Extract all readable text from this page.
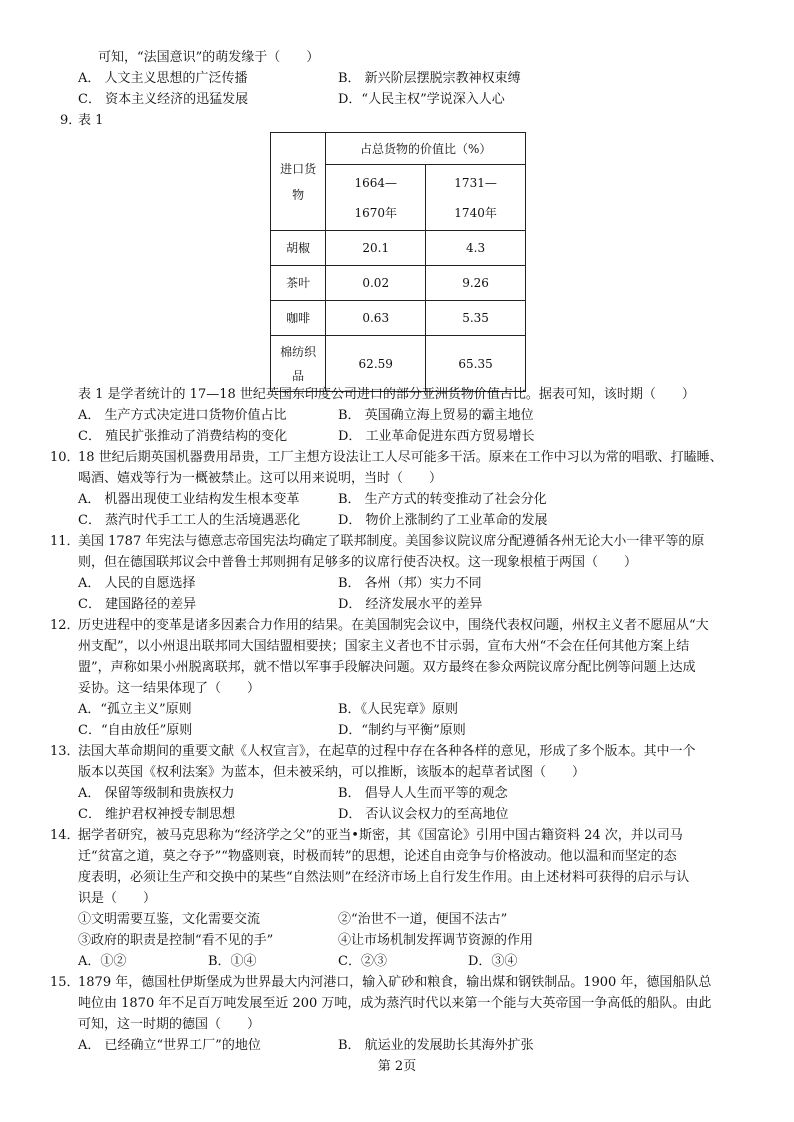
可知，“法国意识”的萌发缘于（　　）
A． 人文主义思想的广泛传播	B． 新兴阶层摆脱宗教神权束缚
C． 资本主义经济的迅猛发展	D．“人民主权”学说深入人心
9．
表 1
进口货物	占总货物的价值比（%）	
	1664—1670年	1731—1740年
胡椒	20.1	4.3
茶叶	0.02	9.26
咖啡	0.63	5.35
棉纺织品	62.59	65.35
表 1 是学者统计的 17—18 世纪英国东印度公司进口的部分亚洲货物价值占比。据表可知，该时期（　　）
A． 生产方式决定进口货物价值占比	B． 英国确立海上贸易的霸主地位
C． 殖民扩张推动了消费结构的变化	D． 工业革命促进东西方贸易增长
10．
18 世纪后期英国机器费用昂贵，工厂主想方设法让工人尽可能多干活。原来在工作中习以为常的唱歌、打瞌睡、
喝酒、嬉戏等行为一概被禁止。这可以用来说明，当时（　　）
A． 机器出现使工业结构发生根本变革	B． 生产方式的转变推动了社会分化
C． 蒸汽时代手工工人的生活境遇恶化	D． 物价上涨制约了工业革命的发展
11．
美国 1787 年宪法与德意志帝国宪法均确定了联邦制度。美国参议院议席分配遵循各州无论大小一律平等的原
则，但在德国联邦议会中普鲁士邦则拥有足够多的议席行使否决权。这一现象根植于两国（　　）
A． 人民的自愿选择	B． 各州（邦）实力不同
C． 建国路径的差异	D． 经济发展水平的差异
12．
历史进程中的变革是诸多因素合力作用的结果。在美国制宪会议中，围绕代表权问题，州权主义者不愿屈从“大
州支配”，以小州退出联邦同大国结盟相要挟；国家主义者也不甘示弱，宣布大州“不会在任何其他方案上结
盟”，声称如果小州脱离联邦，就不惜以军事手段解决问题。双方最终在参众两院议席分配比例等问题上达成
妥协。这一结果体现了（　　）
A．“孤立主义”原则	B．《人民宪章》原则
C．“自由放任”原则	D．“制约与平衡”原则
13．
法国大革命期间的重要文献《人权宣言》，在起草的过程中存在各种各样的意见，形成了多个版本。其中一个
版本以英国《权利法案》为蓝本，但未被采纳，可以推断，该版本的起草者试图（　　）
A． 保留等级制和贵族权力	B． 倡导人人生而平等的观念
C． 维护君权神授专制思想	D． 否认议会权力的至高地位
14．
据学者研究，被马克思称为“经济学之父”的亚当•斯密，其《国富论》引用中国古籍资料 24 次，并以司马
迁“贫富之道，莫之夺予”“物盛则衰，时极而转”的思想，论述自由竞争与价格波动。他以温和而坚定的态
度表明，必须让生产和交换中的某些“自然法则”在经济市场上自行发生作用。由上述材料可获得的启示与认
识是（　　）
①文明需要互鉴，文化需要交流	②“治世不一道，便国不法古”
③政府的职责是控制“看不见的手”	④让市场机制发挥调节资源的作用
A．①②	B．①④	C．②③	D．③④
15．
1879 年，德国杜伊斯堡成为世界最大内河港口，输入矿砂和粮食，输出煤和钢铁制品。1900 年，德国船队总
吨位由 1870 年不足百万吨发展至近 200 万吨，成为蒸汽时代以来第一个能与大英帝国一争高低的船队。由此
可知，这一时期的德国（　　）
A． 已经确立“世界工厂”的地位	B． 航运业的发展助长其海外扩张
第 2页
